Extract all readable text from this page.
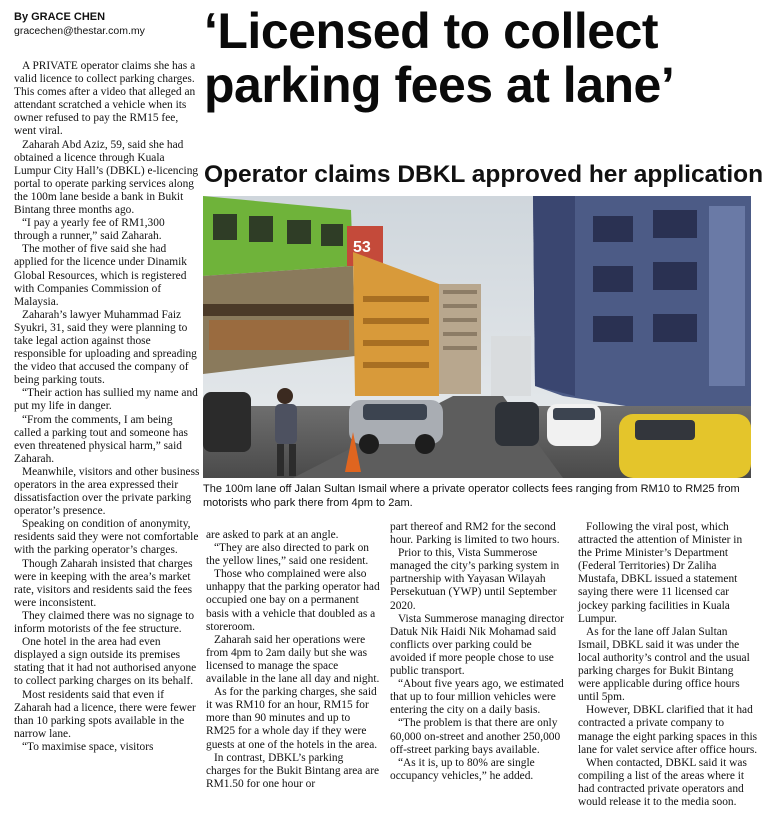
By GRACE CHEN
gracechen@thestar.com.my	‘Licensed to collect parking fees at lane’
Operator claims DBKL approved her application
53

The 100m lane off Jalan Sultan Ismail where a private operator collects fees ranging from RM10 to RM25 from motorists who park there from 4pm to 2am.

A PRIVATE operator claims she has a valid licence to collect parking charges. This comes after a video that alleged an attendant scratched a vehicle when its owner refused to pay the RM15 fee, went viral.

Zaharah Abd Aziz, 59, said she had obtained a licence through Kuala Lumpur City Hall’s (DBKL) e-licencing portal to operate parking services along the 100m lane beside a bank in Bukit Bintang three months ago.

“I pay a yearly fee of RM1,300 through a runner,” said Zaharah.

The mother of five said she had applied for the licence under Dinamik Global Resources, which is registered with Companies Commission of Malaysia.

Zaharah’s lawyer Muhammad Faiz Syukri, 31, said they were planning to take legal action against those responsible for uploading and spreading the video that accused the company of being parking touts.

“Their action has sullied my name and put my life in danger.

“From the comments, I am being called a parking tout and someone has even threatened physical harm,” said Zaharah.

Meanwhile, visitors and other business operators in the area expressed their dissatisfaction over the private parking operator’s presence.

Speaking on condition of anonymity, residents said they were not comfortable with the parking operator’s charges.

Though Zaharah insisted that charges were in keeping with the area’s market rate, visitors and residents said the fees were inconsistent.

They claimed there was no signage to inform motorists of the fee structure.

One hotel in the area had even displayed a sign outside its premises stating that it had not authorised anyone to collect parking charges on its behalf.

Most residents said that even if Zaharah had a licence, there were fewer than 10 parking spots available in the narrow lane.

“To maximise space, visitors

are asked to park at an angle.

“They are also directed to park on the yellow lines,” said one resident.

Those who complained were also unhappy that the parking operator had occupied one bay on a permanent basis with a vehicle that doubled as a storeroom.

Zaharah said her operations were from 4pm to 2am daily but she was licensed to manage the space available in the lane all day and night.

As for the parking charges, she said it was RM10 for an hour, RM15 for more than 90 minutes and up to RM25 for a whole day if they were guests at one of the hotels in the area.

In contrast, DBKL’s parking charges for the Bukit Bintang area are RM1.50 for one hour or

part thereof and RM2 for the second hour. Parking is limited to two hours.

Prior to this, Vista Summerose managed the city’s parking system in partnership with Yayasan Wilayah Persekutuan (YWP) until September 2020.

Vista Summerose managing director Datuk Nik Haidi Nik Mohamad said conflicts over parking could be avoided if more people chose to use public transport.

“About five years ago, we estimated that up to four million vehicles were entering the city on a daily basis.

“The problem is that there are only 60,000 on-street and another 250,000 off-street parking bays available.

“As it is, up to 80% are single occupancy vehicles,” he added.

Following the viral post, which attracted the attention of Minister in the Prime Minister’s Department (Federal Territories) Dr Zaliha Mustafa, DBKL issued a statement saying there were 11 licensed car jockey parking facilities in Kuala Lumpur.

As for the lane off Jalan Sultan Ismail, DBKL said it was under the local authority’s control and the usual parking charges for Bukit Bintang were applicable during office hours until 5pm.

However, DBKL clarified that it had contracted a private company to manage the eight parking spaces in this lane for valet service after office hours.

When contacted, DBKL said it was compiling a list of the areas where it had contracted private operators and would release it to the media soon.
